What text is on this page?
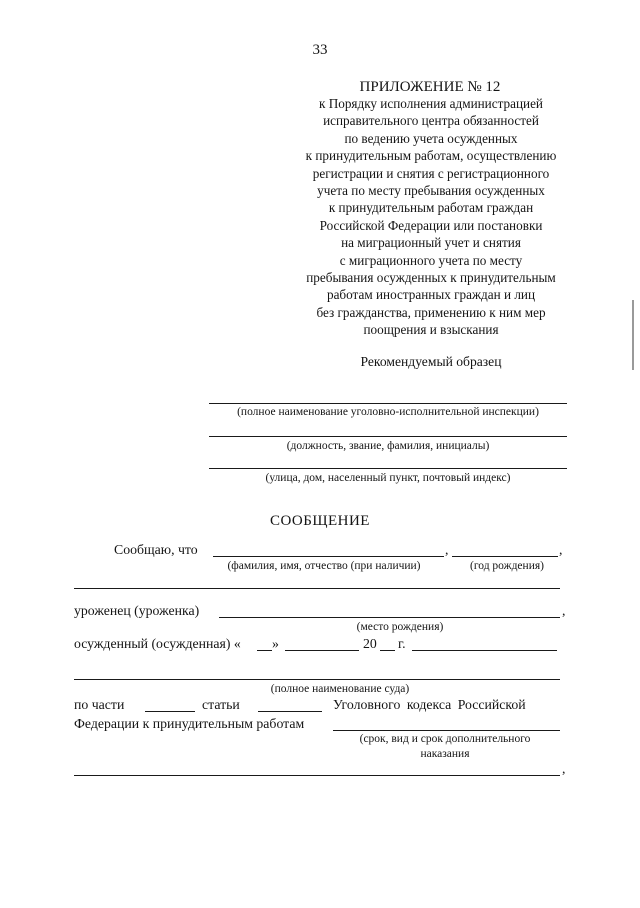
33
ПРИЛОЖЕНИЕ № 12
к Порядку исполнения администрацией
исправительного центра обязанностей
по ведению учета осужденных
к принудительным работам, осуществлению
регистрации и снятия с регистрационного
учета по месту пребывания осужденных
к принудительным работам граждан
Российской Федерации или постановки
на миграционный учет и снятия
с миграционного учета по месту
пребывания осужденных к принудительным
работам иностранных граждан и лиц
без гражданства, применению к ним мер
поощрения и взыскания
Рекомендуемый образец
(полное наименование уголовно-исполнительной инспекции)
(должность, звание, фамилия, инициалы)
(улица, дом, населенный пункт, почтовый индекс)
СООБЩЕНИЕ
Сообщаю, что	,	,
(фамилия, имя, отчество (при наличии)	(год рождения)
уроженец (уроженка)	,
(место рождения)
осужденный (осужденная) « »	20 г.
(полное наименование суда)
по части	статьи	Уголовного кодекса Российской
Федерации к принудительным работам
(срок, вид и срок дополнительного
наказания
,
